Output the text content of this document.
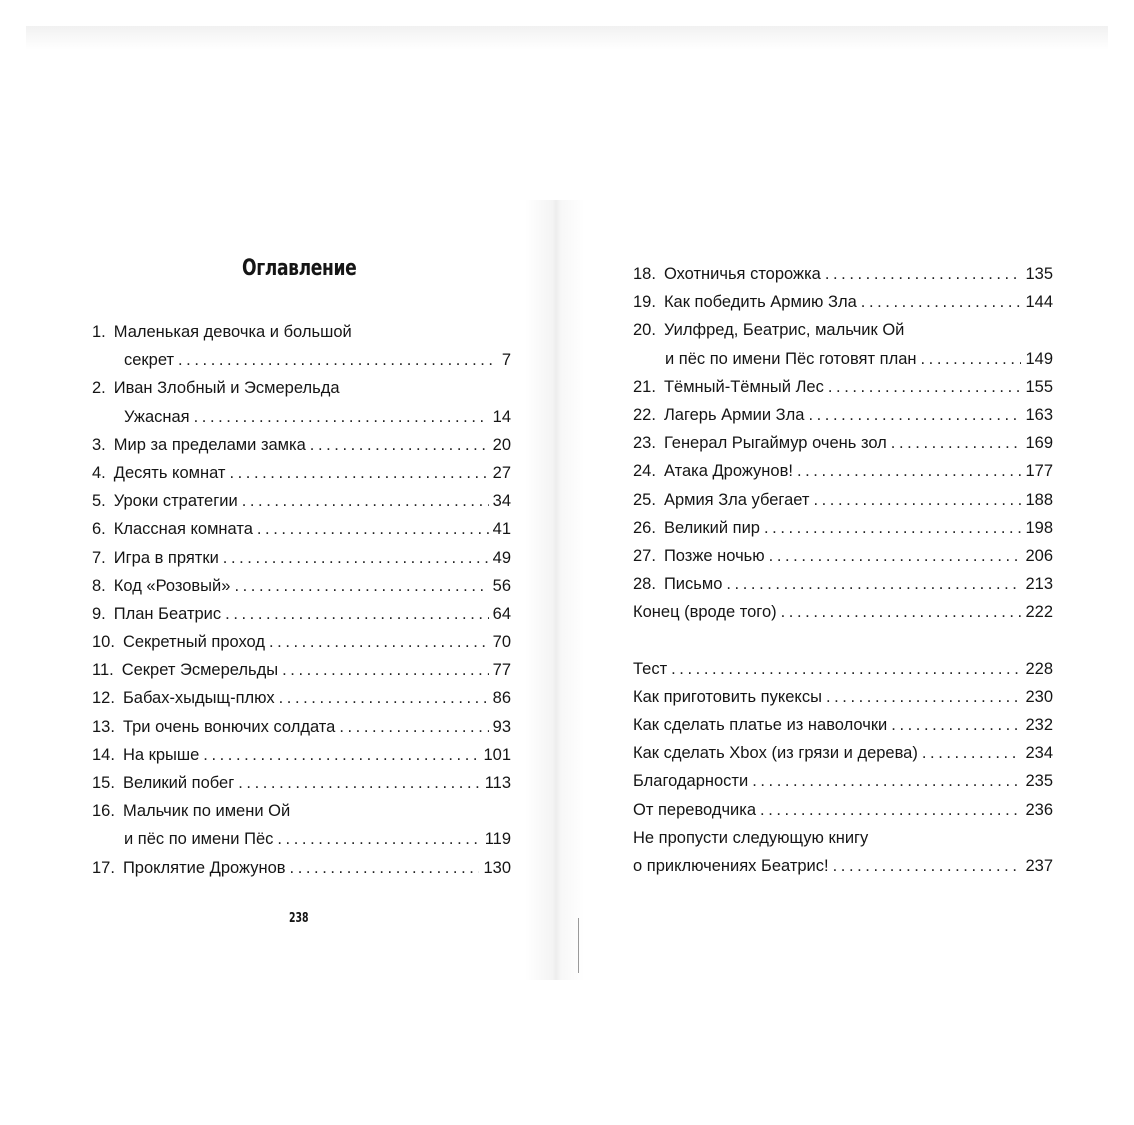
Оглавление
1. Маленькая девочка и большой
секрет . . .	7
2. Иван Злобный и Эсмерельда
Ужасная . . .	14
3. Мир за пределами замка . . .	20
4. Десять комнат . . .	27
5. Уроки стратегии . . .	34
6. Классная комната . . .	41
7. Игра в прятки . . .	49
8. Код «Розовый» . . .	56
9. План Беатрис . . .	64
10. Секретный проход . . .	70
11. Секрет Эсмерельды . . .	77
12. Бабах-хыдыщ-плюх . . .	86
13. Три очень вонючих солдата . . .	93
14. На крыше . . .	101
15. Великий побег . . .	113
16. Мальчик по имени Ой
и пёс по имени Пёс . . .	119
17. Проклятие Дрожунов . . .	130
18. Охотничья сторожка . . .	135
19. Как победить Армию Зла . . .	144
20. Уилфред, Беатрис, мальчик Ой
и пёс по имени Пёс готовят план . . .	149
21. Тёмный-Тёмный Лес . . .	155
22. Лагерь Армии Зла . . .	163
23. Генерал Рыгаймур очень зол . . .	169
24. Атака Дрожунов! . . .	177
25. Армия Зла убегает . . .	188
26. Великий пир . . .	198
27. Позже ночью . . .	206
28. Письмо . . .	213
Конец (вроде того) . . .	222
Тест . . .	228
Как приготовить пукексы . . .	230
Как сделать платье из наволочки . . .	232
Как сделать Xbox (из грязи и дерева) . . .	234
Благодарности . . .	235
От переводчика . . .	236
Не пропусти следующую книгу
о приключениях Беатрис! . . .	237
238
